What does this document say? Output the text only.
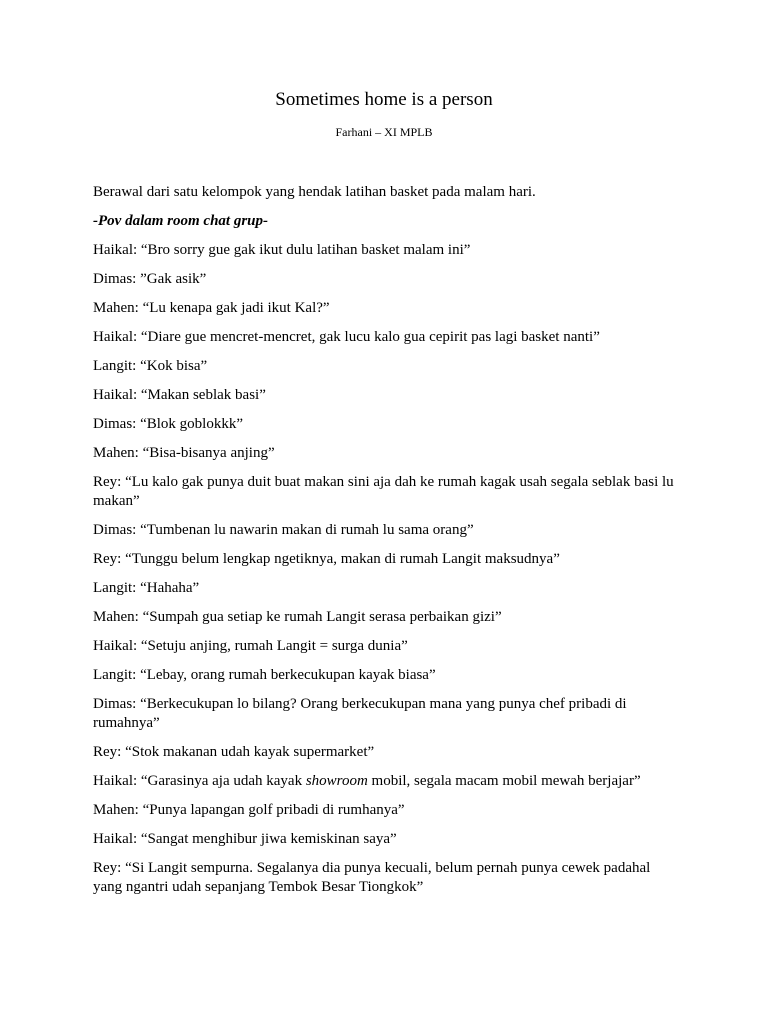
Sometimes home is a person
Farhani – XI MPLB

Berawal dari satu kelompok yang hendak latihan basket pada malam hari.

-Pov dalam room chat grup-

Haikal: “Bro sorry gue gak ikut dulu latihan basket malam ini”

Dimas: ”Gak asik”

Mahen: “Lu kenapa gak jadi ikut Kal?”

Haikal: “Diare gue mencret-mencret, gak lucu kalo gua cepirit pas lagi basket nanti”

Langit: “Kok bisa”

Haikal: “Makan seblak basi”

Dimas: “Blok goblokkk”

Mahen: “Bisa-bisanya anjing”

Rey: “Lu kalo gak punya duit buat makan sini aja dah ke rumah kagak usah segala seblak basi lu makan”

Dimas: “Tumbenan lu nawarin makan di rumah lu sama orang”

Rey: “Tunggu belum lengkap ngetiknya, makan di rumah Langit maksudnya”

Langit: “Hahaha”

Mahen: “Sumpah gua setiap ke rumah Langit serasa perbaikan gizi”

Haikal: “Setuju anjing, rumah Langit = surga dunia”

Langit: “Lebay, orang rumah berkecukupan kayak biasa”

Dimas: “Berkecukupan lo bilang? Orang berkecukupan mana yang punya chef pribadi di rumahnya”

Rey: “Stok makanan udah kayak supermarket”

Haikal: “Garasinya aja udah kayak showroom mobil, segala macam mobil mewah berjajar”

Mahen: “Punya lapangan golf pribadi di rumhanya”

Haikal: “Sangat menghibur jiwa kemiskinan saya”

Rey: “Si Langit sempurna. Segalanya dia punya kecuali, belum pernah punya cewek padahal yang ngantri udah sepanjang Tembok Besar Tiongkok”
